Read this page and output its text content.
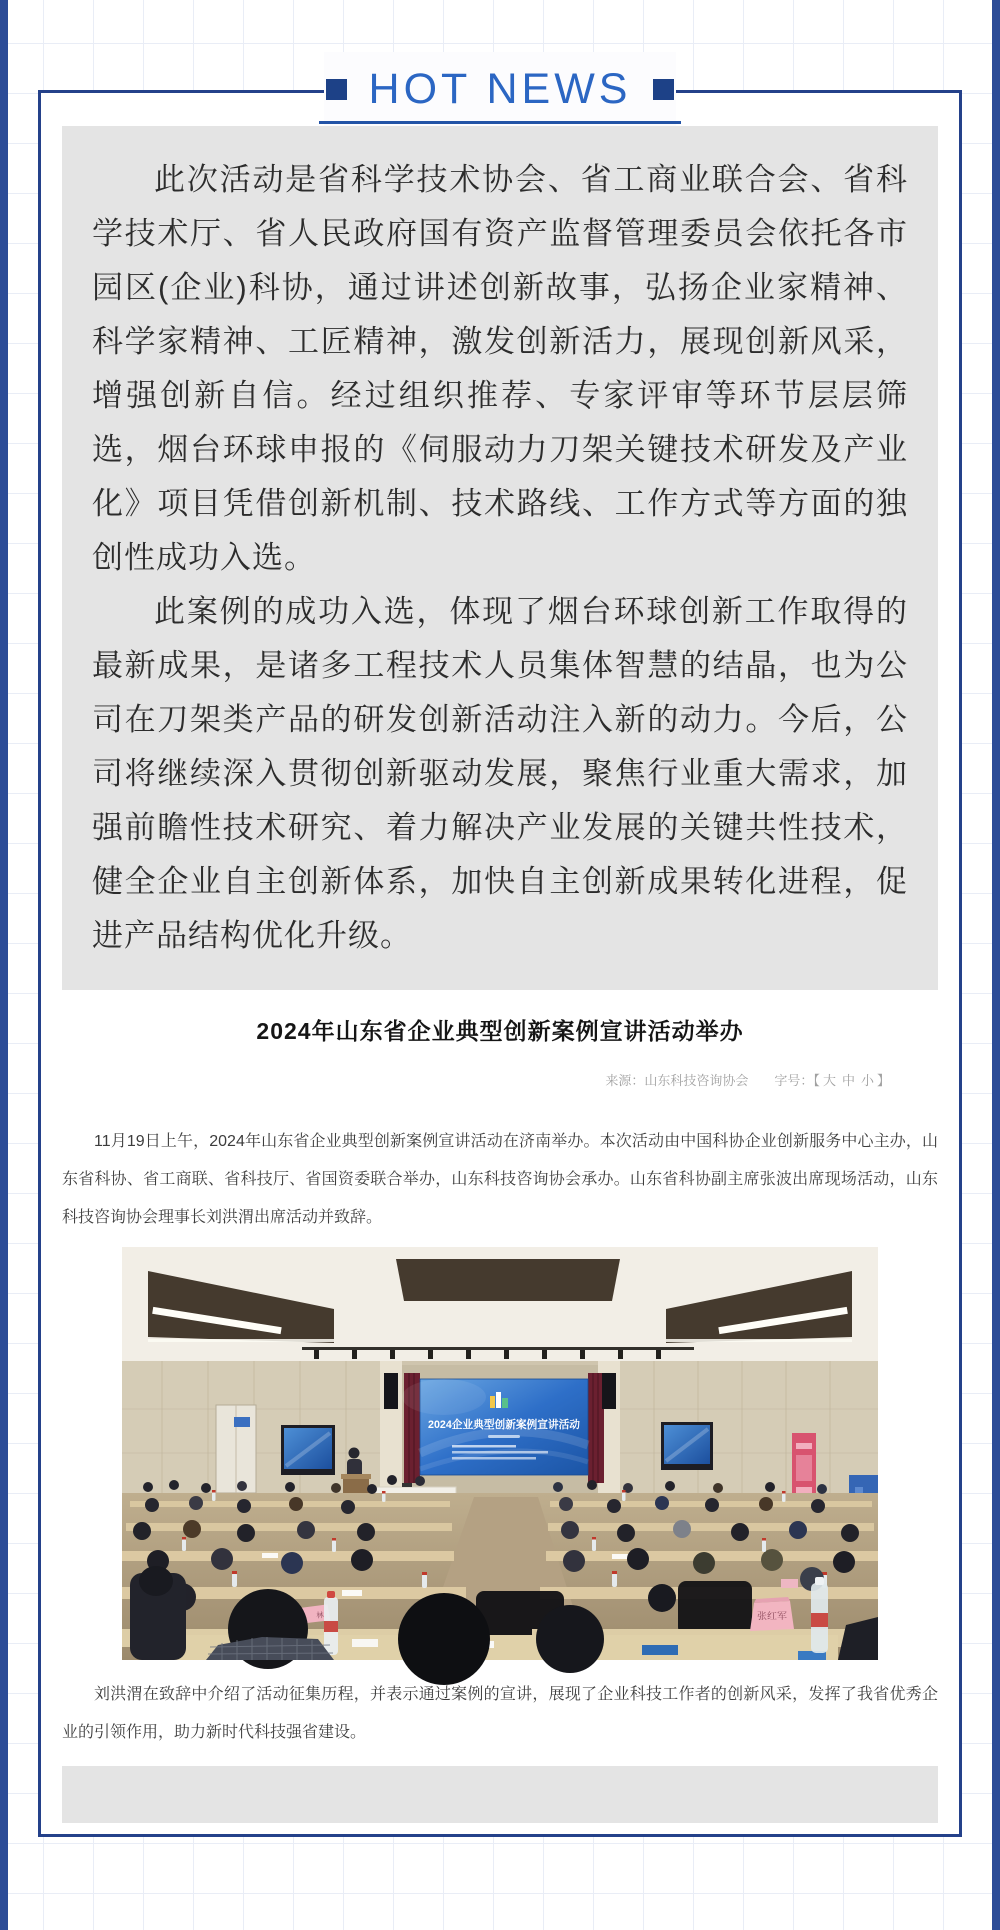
HOT NEWS

此次活动是省科学技术协会、省工商业联合会、省科学技术厅、省人民政府国有资产监督管理委员会依托各市园区(企业)科协，通过讲述创新故事，弘扬企业家精神、科学家精神、工匠精神，激发创新活力，展现创新风采，增强创新自信。经过组织推荐、专家评审等环节层层筛选，烟台环球申报的《伺服动力刀架关键技术研发及产业化》项目凭借创新机制、技术路线、工作方式等方面的独创性成功入选。

此案例的成功入选，体现了烟台环球创新工作取得的最新成果，是诸多工程技术人员集体智慧的结晶，也为公司在刀架类产品的研发创新活动注入新的动力。今后，公司将继续深入贯彻创新驱动发展，聚焦行业重大需求，加强前瞻性技术研究、着力解决产业发展的关键共性技术，健全企业自主创新体系，加快自主创新成果转化进程，促进产品结构优化升级。

2024年山东省企业典型创新案例宣讲活动举办
来源：山东科技咨询协会 字号：【 大 中 小 】

11月19日上午，2024年山东省企业典型创新案例宣讲活动在济南举办。本次活动由中国科协企业创新服务中心主办，山东省科协、省工商联、省科技厅、省国资委联合举办，山东科技咨询协会承办。山东省科协副主席张波出席现场活动，山东科技咨询协会理事长刘洪渭出席活动并致辞。

2024企业典型创新案例宣讲活动
林	张红军

刘洪渭在致辞中介绍了活动征集历程，并表示通过案例的宣讲，展现了企业科技工作者的创新风采，发挥了我省优秀企业的引领作用，助力新时代科技强省建设。
